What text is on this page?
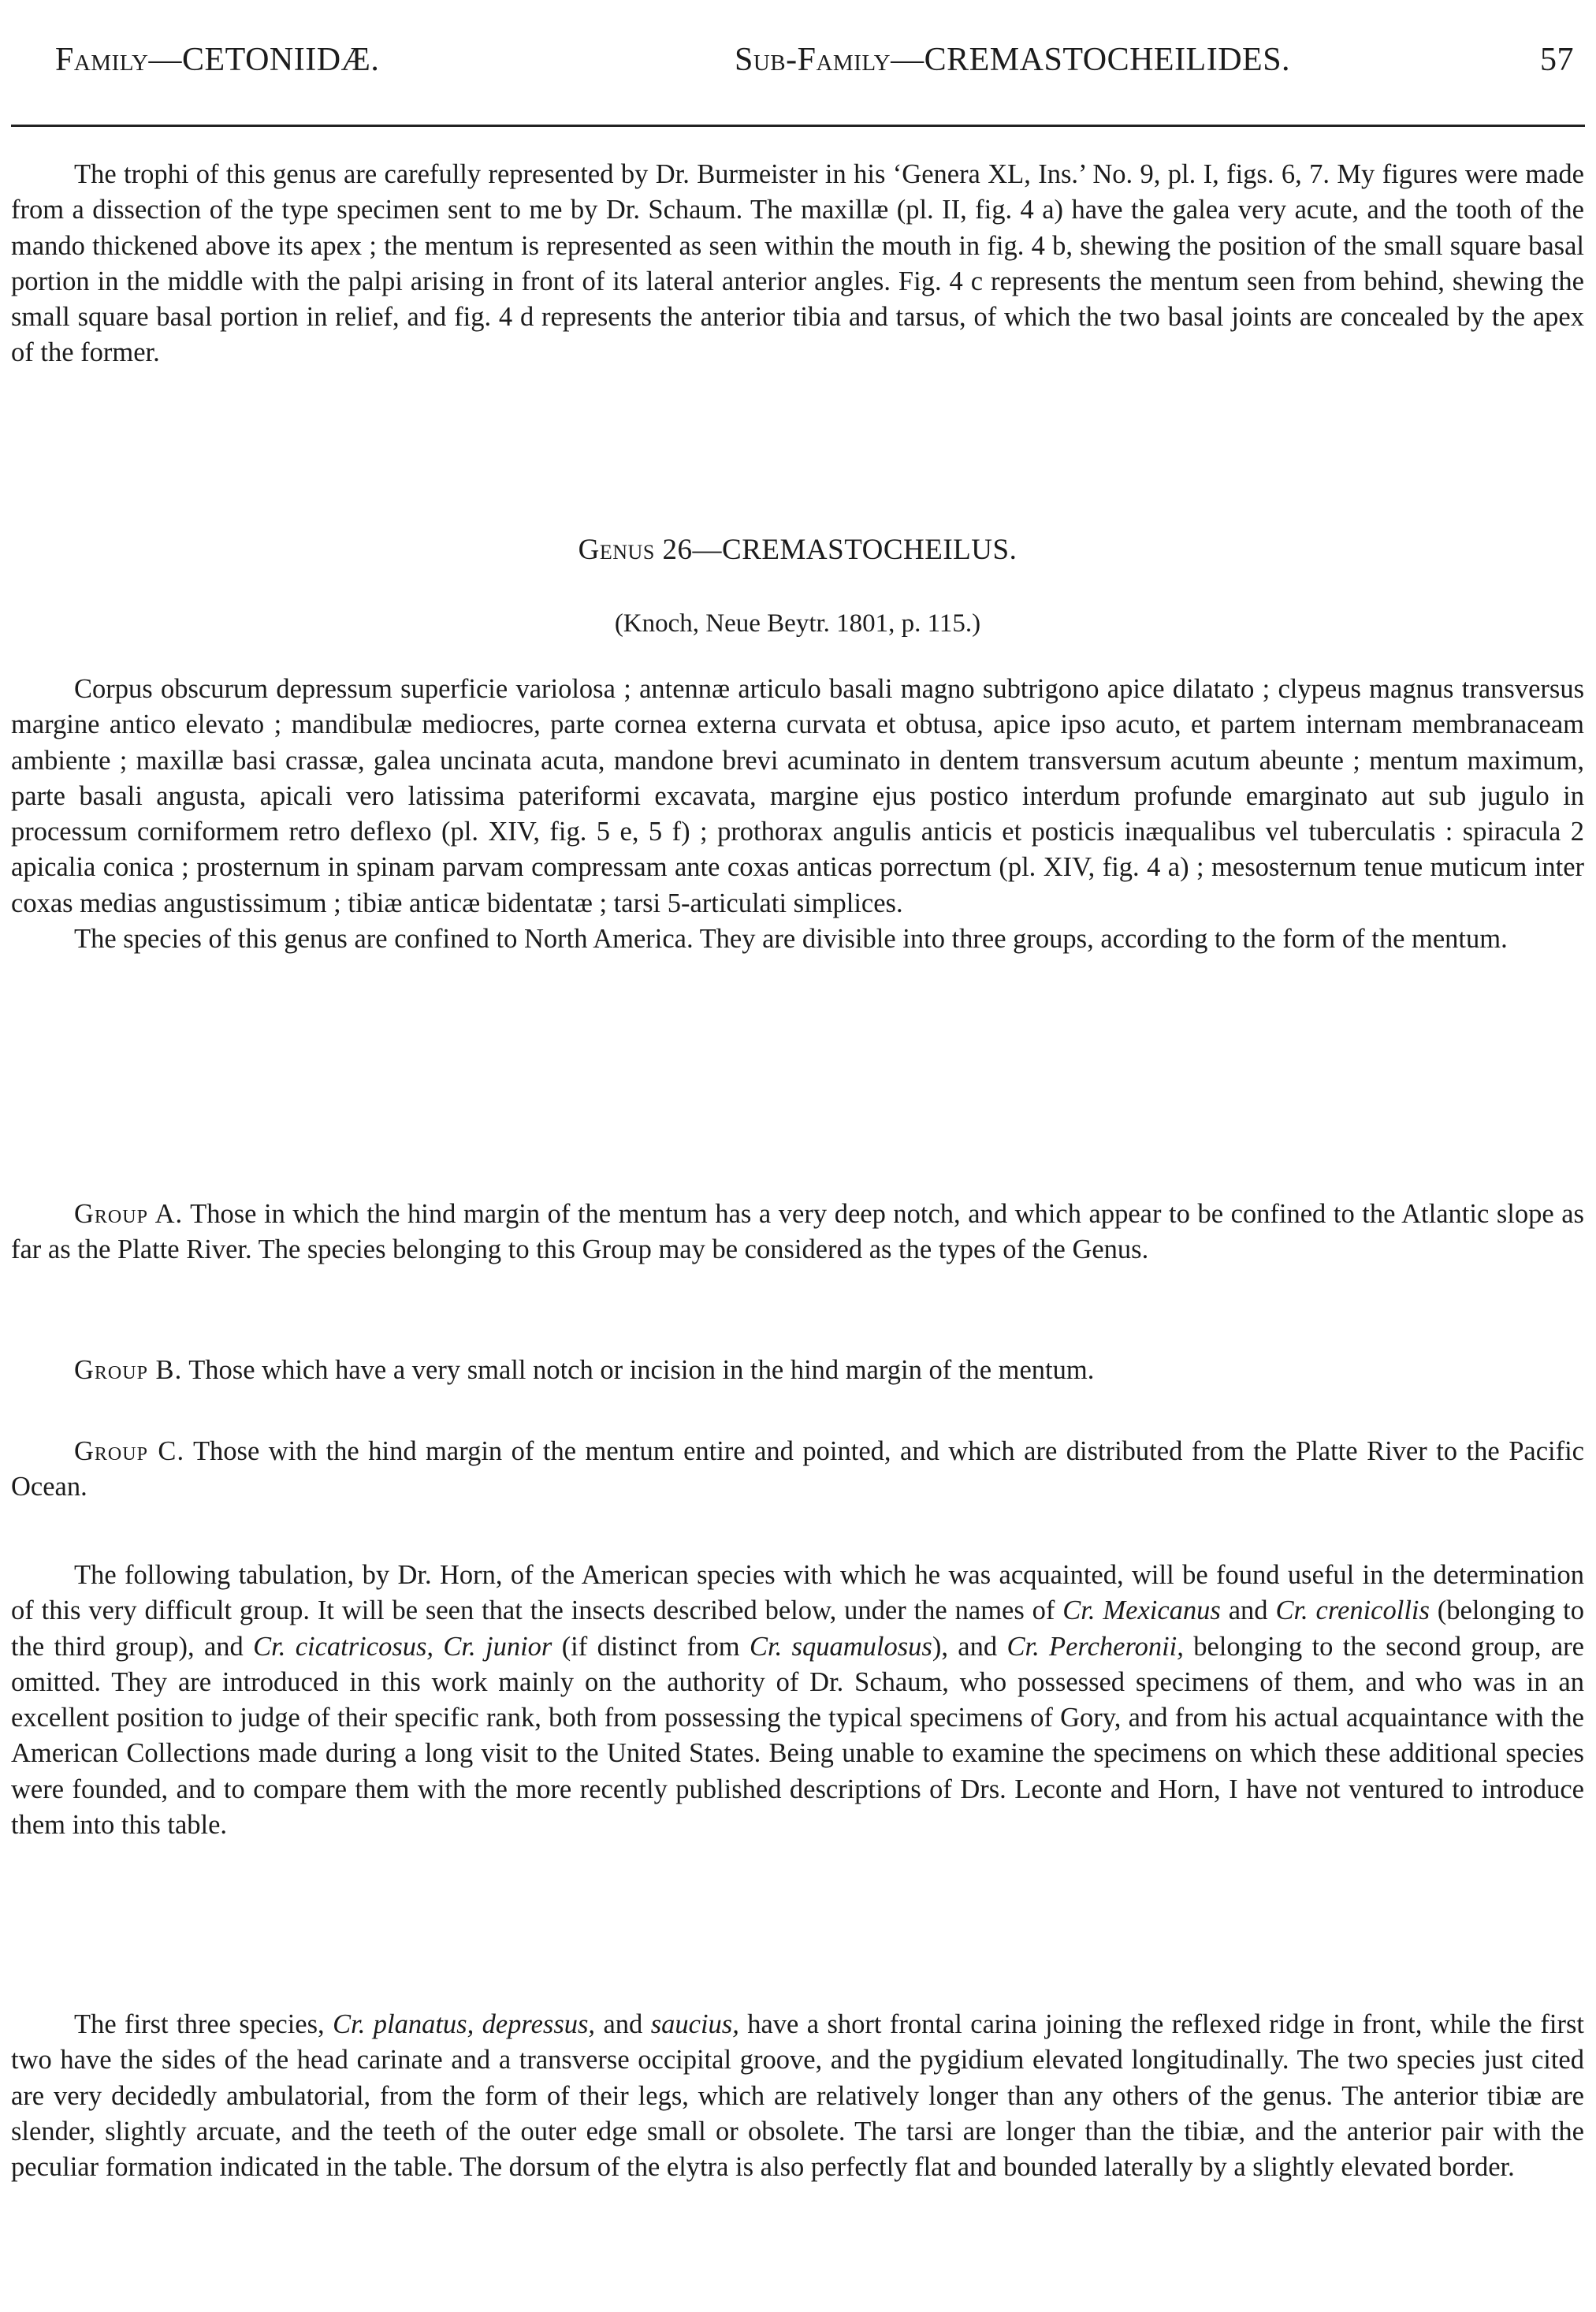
Family—CETONIIDÆ.	Sub-Family—CREMASTOCHEILIDES.	57

The trophi of this genus are carefully represented by Dr. Burmeister in his ‘Genera XL, Ins.’ No. 9, pl. I, figs. 6, 7. My figures were made from a dissection of the type specimen sent to me by Dr. Schaum. The maxillæ (pl. II, fig. 4 a) have the galea very acute, and the tooth of the mando thickened above its apex ; the mentum is represented as seen within the mouth in fig. 4 b, shewing the position of the small square basal portion in the middle with the palpi arising in front of its lateral anterior angles. Fig. 4 c represents the mentum seen from behind, shewing the small square basal portion in relief, and fig. 4 d represents the anterior tibia and tarsus, of which the two basal joints are concealed by the apex of the former.

Genus 26—CREMASTOCHEILUS.
(Knoch, Neue Beytr. 1801, p. 115.)

Corpus obscurum depressum superficie variolosa ; antennæ articulo basali magno subtrigono apice dilatato ; clypeus magnus transversus margine antico elevato ; mandibulæ mediocres, parte cornea externa curvata et obtusa, apice ipso acuto, et partem internam membranaceam ambiente ; maxillæ basi crassæ, galea uncinata acuta, mandone brevi acuminato in dentem transversum acutum abeunte ; mentum maximum, parte basali angusta, apicali vero latissima pateriformi excavata, margine ejus postico interdum profunde emarginato aut sub jugulo in processum corniformem retro deflexo (pl. XIV, fig. 5 e, 5 f) ; prothorax angulis anticis et posticis inæqualibus vel tuberculatis : spiracula 2 apicalia conica ; prosternum in spinam parvam compressam ante coxas anticas porrectum (pl. XIV, fig. 4 a) ; mesosternum tenue muticum inter coxas medias angustissimum ; tibiæ anticæ bidentatæ ; tarsi 5-articulati simplices.

The species of this genus are confined to North America. They are divisible into three groups, according to the form of the mentum.

Group A. Those in which the hind margin of the mentum has a very deep notch, and which appear to be confined to the Atlantic slope as far as the Platte River. The species belonging to this Group may be considered as the types of the Genus.

Group B. Those which have a very small notch or incision in the hind margin of the mentum.

Group C. Those with the hind margin of the mentum entire and pointed, and which are distributed from the Platte River to the Pacific Ocean.

The following tabulation, by Dr. Horn, of the American species with which he was acquainted, will be found useful in the determination of this very difficult group. It will be seen that the insects described below, under the names of Cr. Mexicanus and Cr. crenicollis (belonging to the third group), and Cr. cicatricosus, Cr. junior (if distinct from Cr. squamulosus), and Cr. Percheronii, belonging to the second group, are omitted. They are introduced in this work mainly on the authority of Dr. Schaum, who possessed specimens of them, and who was in an excellent position to judge of their specific rank, both from possessing the typical specimens of Gory, and from his actual acquaintance with the American Collections made during a long visit to the United States. Being unable to examine the specimens on which these additional species were founded, and to compare them with the more recently published descriptions of Drs. Leconte and Horn, I have not ventured to introduce them into this table.

The first three species, Cr. planatus, depressus, and saucius, have a short frontal carina joining the reflexed ridge in front, while the first two have the sides of the head carinate and a transverse occipital groove, and the pygidium elevated longitudinally. The two species just cited are very decidedly ambulatorial, from the form of their legs, which are relatively longer than any others of the genus. The anterior tibiæ are slender, slightly arcuate, and the teeth of the outer edge small or obsolete. The tarsi are longer than the tibiæ, and the anterior pair with the peculiar formation indicated in the table. The dorsum of the elytra is also perfectly flat and bounded laterally by a slightly elevated border.
